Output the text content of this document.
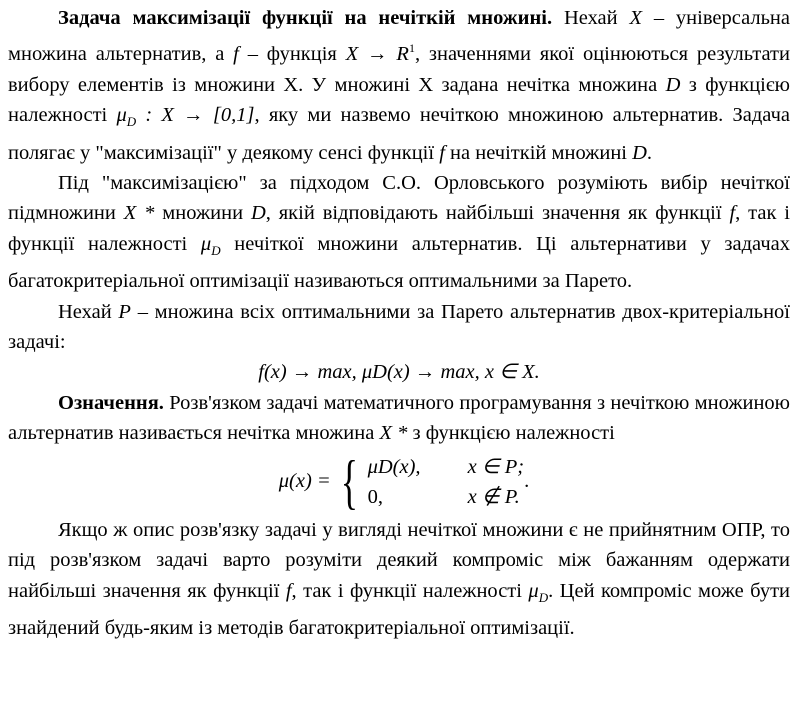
Задача максимізації функції на нечіткій множині. Нехай X – універсальна множина альтернатив, а f – функція $X \to R^1$, значеннями якої оцінюються результати вибору елементів із множини X. У множині X задана нечітка множина D з функцією належності $\mu_D$ : X → [0,1], яку ми назвемо нечіткою множиною альтернатив. Задача полягає у "максимізації" у деякому сенсі функції f на нечіткій множині D.

Під "максимізацією" за підходом С.О. Орловського розуміють вибір нечіткої підмножини X * множини D, якій відповідають найбільші значення як функції f, так і функції належності $\mu_D$ нечіткої множини альтернатив. Ці альтернативи у задачах багатокритеріальної оптимізації називаються оптимальними за Парето.

Нехай P – множина всіх оптимальними за Парето альтернатив двох-критеріальної задачі:

f(x) → max, μD(x) → max, x ∈ X.

Означення. Розв'язком задачі математичного програмування з нечіткою множиною альтернатив називається нечітка множина X * з функцією належності

μ(x) = { μD(x),	x ∈ P;
0,	x ∉ P.
.

Якщо ж опис розв'язку задачі у вигляді нечіткої множини є не прийнятним ОПР, то під розв'язком задачі варто розуміти деякий компроміс між бажанням одержати найбільші значення як функції f, так і функції належності $\mu_D$. Цей компроміс може бути знайдений будь-яким із методів багатокритеріальної оптимізації.
